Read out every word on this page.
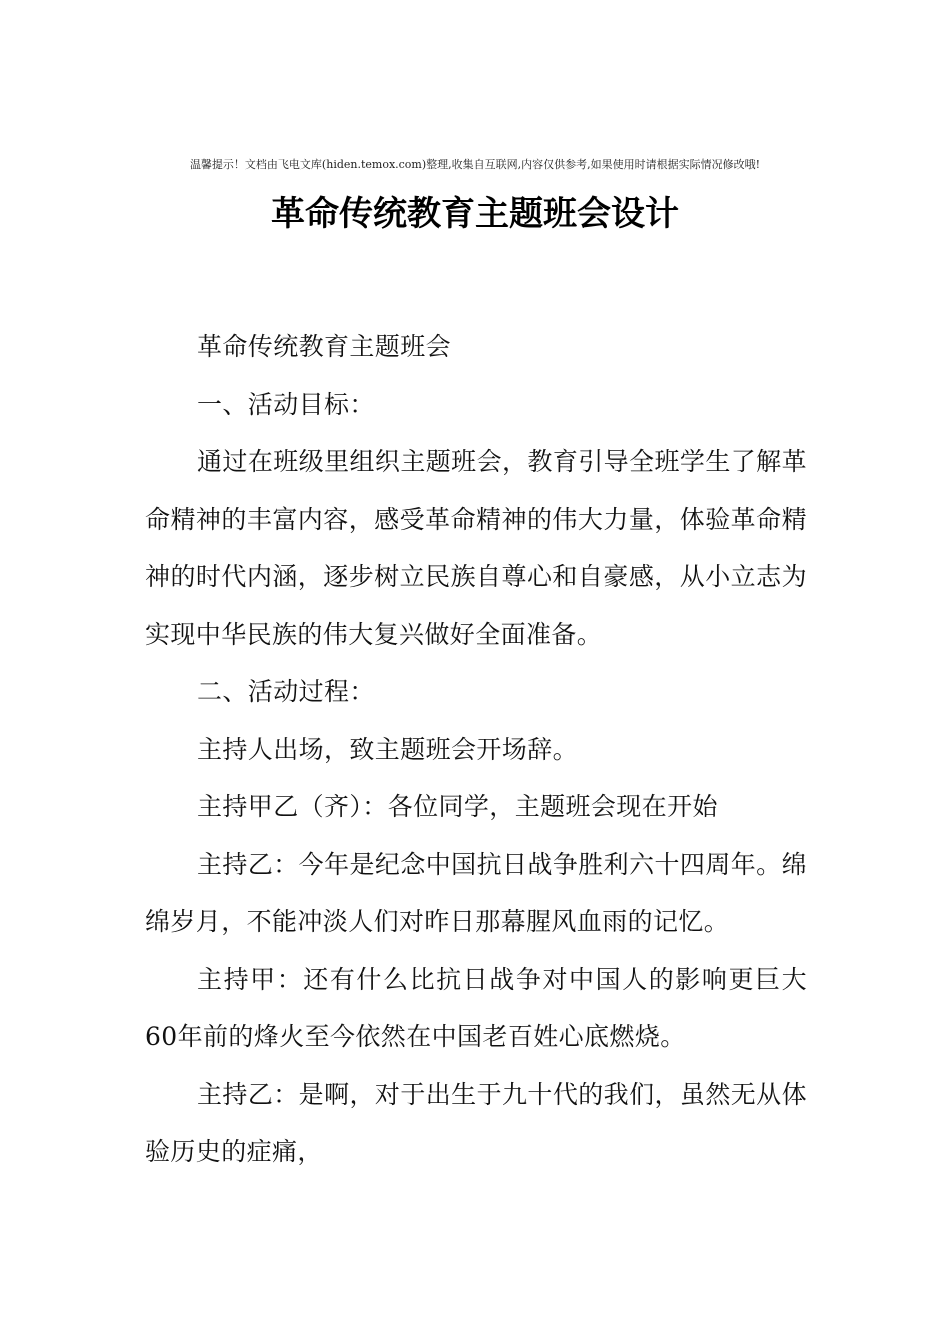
温馨提示！文档由飞电文库(hiden.temox.com)整理,收集自互联网,内容仅供参考,如果使用时请根据实际情况修改哦!
革命传统教育主题班会设计

革命传统教育主题班会

一、活动目标：

通过在班级里组织主题班会，教育引导全班学生了解革命精神的丰富内容，感受革命精神的伟大力量，体验革命精神的时代内涵，逐步树立民族自尊心和自豪感，从小立志为实现中华民族的伟大复兴做好全面准备。

二、活动过程：

主持人出场，致主题班会开场辞。

主持甲乙（齐）：各位同学，主题班会现在开始

主持乙：今年是纪念中国抗日战争胜利六十四周年。绵绵岁月，不能冲淡人们对昨日那幕腥风血雨的记忆。

主持甲：还有什么比抗日战争对中国人的影响更巨大60年前的烽火至今依然在中国老百姓心底燃烧。

主持乙：是啊，对于出生于九十代的我们，虽然无从体验历史的症痛，
